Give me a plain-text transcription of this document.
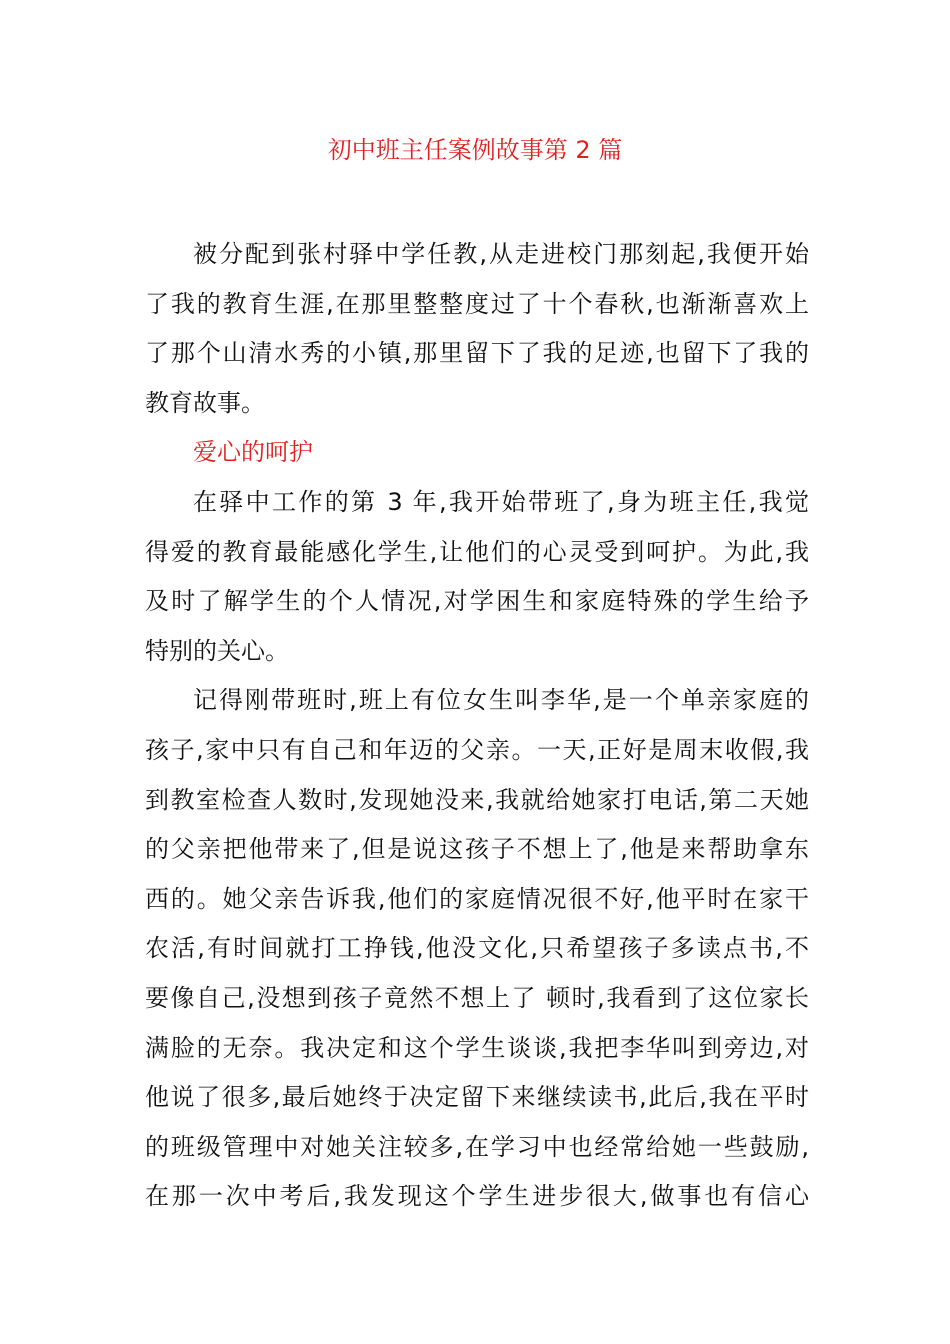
初中班主任案例故事第 2 篇
被分配到张村驿中学任教,从走进校门那刻起,我便开始
了我的教育生涯,在那里整整度过了十个春秋,也渐渐喜欢上
了那个山清水秀的小镇,那里留下了我的足迹,也留下了我的
教育故事。
爱心的呵护
在驿中工作的第 3 年,我开始带班了,身为班主任,我觉
得爱的教育最能感化学生,让他们的心灵受到呵护。为此,我
及时了解学生的个人情况,对学困生和家庭特殊的学生给予
特别的关心。
记得刚带班时,班上有位女生叫李华,是一个单亲家庭的
孩子,家中只有自己和年迈的父亲。一天,正好是周末收假,我
到教室检查人数时,发现她没来,我就给她家打电话,第二天她
的父亲把他带来了,但是说这孩子不想上了,他是来帮助拿东
西的。她父亲告诉我,他们的家庭情况很不好,他平时在家干
农活,有时间就打工挣钱,他没文化,只希望孩子多读点书,不
要像自己,没想到孩子竟然不想上了 顿时,我看到了这位家长
满脸的无奈。我决定和这个学生谈谈,我把李华叫到旁边,对
他说了很多,最后她终于决定留下来继续读书,此后,我在平时
的班级管理中对她关注较多,在学习中也经常给她一些鼓励,
在那一次中考后,我发现这个学生进步很大,做事也有信心
